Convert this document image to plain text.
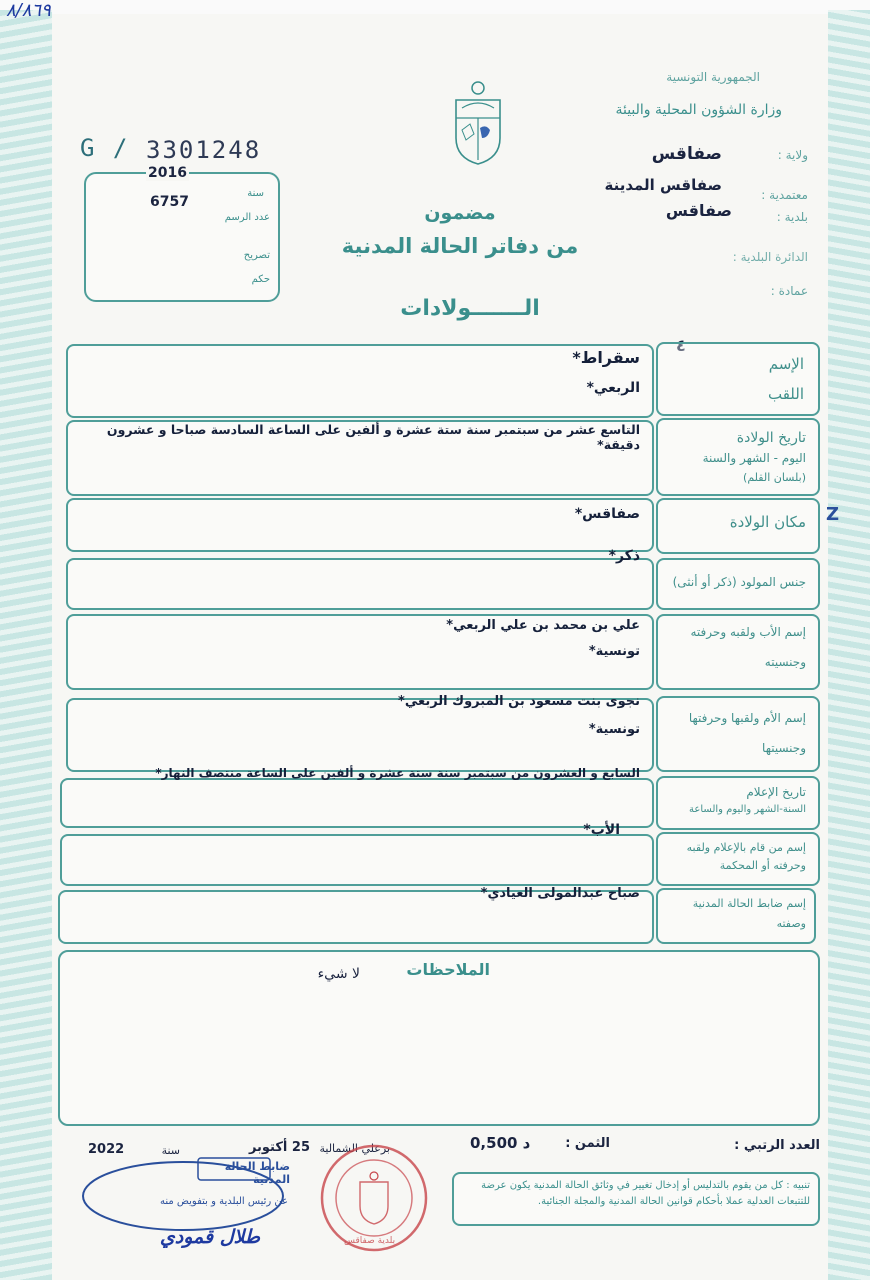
٨/٨٦٩
الجمهورية التونسية
وزارة الشؤون المحلية والبيئة
ولاية :
صفاقس
معتمدية :
صفاقس المدينة
بلدية :
صفاقس
الدائرة البلدية :
عمادة :
G / 3301248
2016
سنة
6757
عدد الرسم
تصريح
حكم
مضمون
من دفاتر الحالة المدنية
الـــــــولادات
٤
Z
الإسم
اللقب
سقراط*
الربعي*
تاريخ الولادة
اليوم - الشهر والسنة
(بلسان القلم)
التاسع عشر من سبتمبر سنة ستة عشرة و ألفين على الساعة السادسة صباحا و عشرون دقيقة*
مكان الولادة
صفاقس*
جنس المولود (ذكر أو أنثى)
ذكر*
إسم الأب ولقبه وحرفته
وجنسيته
علي بن محمد بن علي الربعي*
تونسية*
إسم الأم ولقبها وحرفتها
وجنسيتها
نجوى بنت مسعود بن المبروك الربعي*
تونسية*
تاريخ الإعلام
السنة-الشهر واليوم والساعة
السابع و العشرون من سبتمبر سنة ستة عشرة و ألفين على الساعة منتصف النهار*
إسم من قام بالإعلام ولقبه
وحرفته أو المحكمة
الأب*
إسم ضابط الحالة المدنية
وصفته
صباح عبدالمولى العيادي*
الملاحظات
لا شيء
العدد الرتبي :
الثمن :
0,500 د
25 أكتوبر برعلي الشمالية
سنة
2022
تنبيه : كل من يقوم بالتدليس أو إدخال تغيير في وثائق الحالة المدنية يكون عرضة للتتبعات العدلية عملا بأحكام قوانين الحالة المدنية والمجلة الجنائية.
ضابط الحالة المدنية
عن رئيس البلدية و بتفويض منه
طلال قمودي	بلدية صفاقس
